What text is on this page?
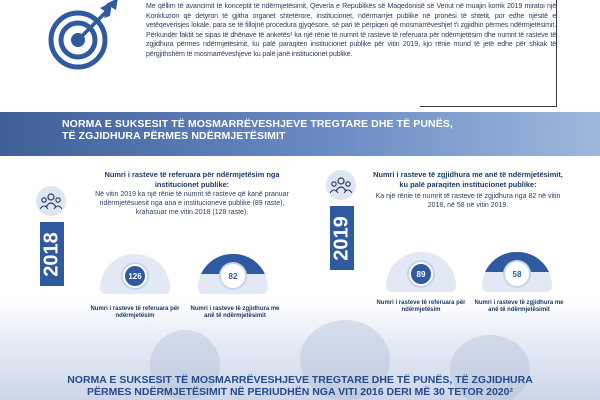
Me qëllim të avancimit të konceptit të ndërmjetësimit, Qeveria e Republikës së Maqedonisë së Veriut në muajin korrik 2019 miratoi një Konkluzion që detyron të gjitha organet shtetërore, institucionet, ndërmarrjet publike në pronësi të shtetit, por edhe njësitë e vetëqeverisjes lokale, para se të fillojnë procedura gjyqësore, së pari të përpiqen që mosmarrëveshjet t'i zgjidhin përmes ndërmjetësimit. Përkundër faktit se sipas të dhënave të anketës¹ ka një rënie të numrit të rasteve të referuara për ndërmjetësim dhe numrit të rasteve të zgjidhura përmes ndërmjetësimit, ku palë paraqiten institucionet publike për vitin 2019, kjo rënie mund të jetë edhe për shkak të përgjithshëm të mosmarrëveshjeve ku palë janë institucionet publike.

NORMA E SUKSESIT TË MOSMARRËVESHJEVE TREGTARE DHE TË PUNËS,
TË ZGJIDHURA PËRMES NDËRMJETËSIMIT
2018
Numri i rasteve të referuara për ndërmjetësim nga institucionet publike:
Në vitin 2019 ka një rënie të numrit të rasteve që kanë pranuar ndërmjetësuesit nga ana e institucioneve publike (89 raste), krahasuar me vitin 2018 (128 raste).
126
Numri i rasteve të referuara për ndërmjetësim
82
Numri i rasteve të zgjidhura me anë të ndërmjetësimit
2019
Numri i rasteve të zgjidhura me anë të ndërmjetësimit, ku palë paraqiten institucionet publike:
Ka një rënie të numrit të rasteve të zgjidhura nga 82 në vitin 2018, në 58 në vitin 2019.
89
Numri i rasteve të referuara për ndërmjetësim
58
Numri i rasteve të zgjidhura me anë të ndërmjetësimit
NORMA E SUKSESIT TË MOSMARRËVESHJEVE TREGTARE DHE TË PUNËS, TË ZGJIDHURA
PËRMES NDËRMJETËSIMIT NË PERIUDHËN NGA VITI 2016 DERI MË 30 TETOR 2020²
